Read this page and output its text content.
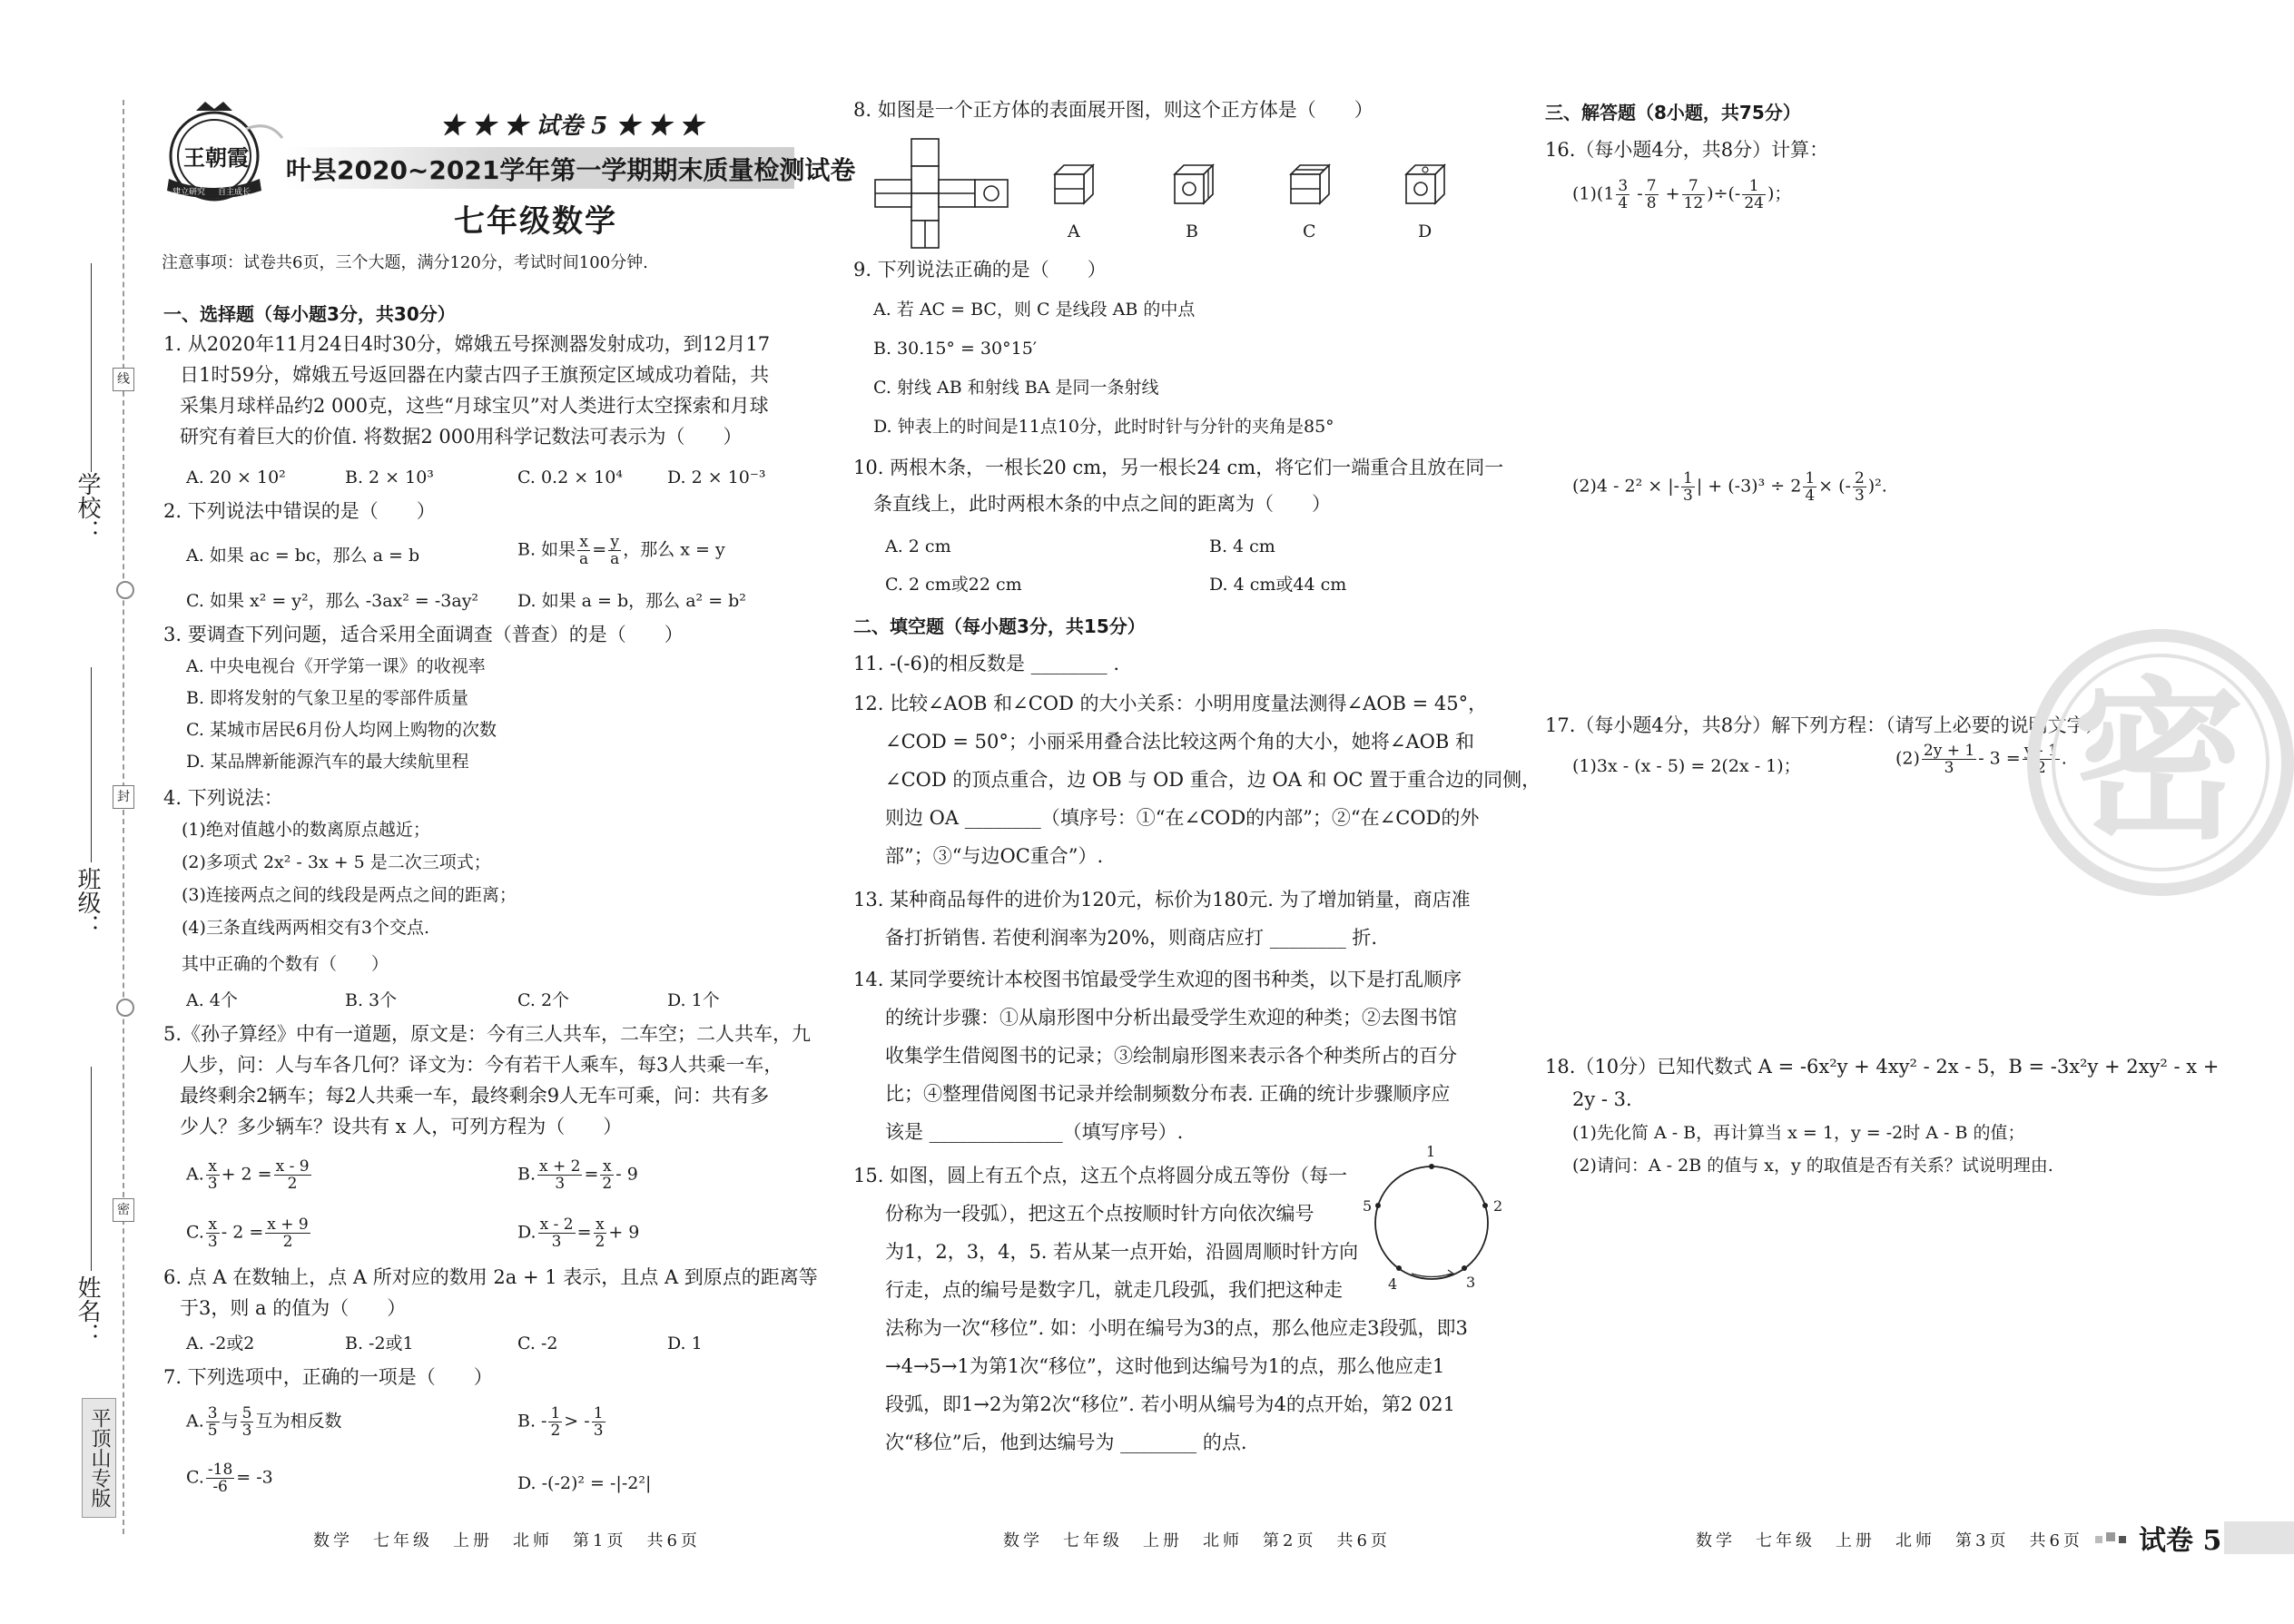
学校：
班级：
姓名：
线
封
密
平顶山专版
王朝霞
建立研究 自主成长
★ ★ ★ 试卷 5 ★ ★ ★
叶县2020~2021学年第一学期期末质量检测试卷
七年级数学
注意事项：试卷共6页，三个大题，满分120分，考试时间100分钟.
一、选择题（每小题3分，共30分）
1. 从2020年11月24日4时30分，嫦娥五号探测器发射成功，到12月17
日1时59分，嫦娥五号返回器在内蒙古四子王旗预定区域成功着陆，共
采集月球样品约2 000克，这些“月球宝贝”对人类进行太空探索和月球
研究有着巨大的价值. 将数据2 000用科学记数法可表示为（　　）
A. 20 × 10²	B. 2 × 10³	C. 0.2 × 10⁴	D. 2 × 10⁻³
2. 下列说法中错误的是（　　）
A. 如果 ac = bc，那么 a = b	B. 如果 $\frac{x}{a} = \frac{y}{a}$ ，那么 x = y
C. 如果 x² = y²，那么 -3ax² = -3ay² D. 如果 a = b，那么 a² = b²
3. 要调查下列问题，适合采用全面调查（普查）的是（　　）
A. 中央电视台《开学第一课》的收视率
B. 即将发射的气象卫星的零部件质量
C. 某城市居民6月份人均网上购物的次数
D. 某品牌新能源汽车的最大续航里程
4. 下列说法：
(1)绝对值越小的数离原点越近；
(2)多项式 2x² - 3x + 5 是二次三项式；
(3)连接两点之间的线段是两点之间的距离；
(4)三条直线两两相交有3个交点.
其中正确的个数有（　　）
A. 4个	B. 3个	C. 2个	D. 1个
5.《孙子算经》中有一道题，原文是：今有三人共车，二车空；二人共车，九
人步，问：人与车各几何？译文为：今有若干人乘车，每3人共乘一车，
最终剩余2辆车；每2人共乘一车，最终剩余9人无车可乘，问：共有多
少人？多少辆车？设共有 x 人，可列方程为（　　）
A. $\frac{x}{3} + 2 = \frac{x - 9}{2}$	B. $\frac{x + 2}{3} = \frac{x}{2} - 9$
C. $\frac{x}{3} - 2 = \frac{x + 9}{2}$	D. $\frac{x - 2}{3} = \frac{x}{2} + 9$
6. 点 A 在数轴上，点 A 所对应的数用 2a + 1 表示，且点 A 到原点的距离等
于3，则 a 的值为（　　）
A. -2或2	B. -2或1	C. -2	D. 1
7. 下列选项中，正确的一项是（　　）
A. $\frac{3}{5}$ 与 $\frac{5}{3}$ 互为相反数	B. - $\frac{1}{2}$ > - $\frac{1}{3}$
C. $\frac{-18}{-6} = -3$	D. -(-2)² = -|-2²|
数学　七年级　上册　北师　第1页　共6页
8. 如图是一个正方体的表面展开图，则这个正方体是（　　）
A	B	C	D
9. 下列说法正确的是（　　）
A. 若 AC = BC，则 C 是线段 AB 的中点
B. 30.15° = 30°15′
C. 射线 AB 和射线 BA 是同一条射线
D. 钟表上的时间是11点10分，此时时针与分针的夹角是85°
10. 两根木条，一根长20 cm，另一根长24 cm，将它们一端重合且放在同一
条直线上，此时两根木条的中点之间的距离为（　　）
A. 2 cm	B. 4 cm
C. 2 cm或22 cm	D. 4 cm或44 cm
二、填空题（每小题3分，共15分）
11. -(-6)的相反数是 ________ .
12. 比较∠AOB 和∠COD 的大小关系：小明用度量法测得∠AOB = 45°，
∠COD = 50°；小丽采用叠合法比较这两个角的大小，她将∠AOB 和
∠COD 的顶点重合，边 OB 与 OD 重合，边 OA 和 OC 置于重合边的同侧，
则边 OA ________（填序号：①“在∠COD的内部”；②“在∠COD的外
部”；③“与边OC重合”）.
13. 某种商品每件的进价为120元，标价为180元. 为了增加销量，商店准
备打折销售. 若使利润率为20%，则商店应打 ________ 折.
14. 某同学要统计本校图书馆最受学生欢迎的图书种类，以下是打乱顺序
的统计步骤：①从扇形图中分析出最受学生欢迎的种类；②去图书馆
收集学生借阅图书的记录；③绘制扇形图来表示各个种类所占的百分
比；④整理借阅图书记录并绘制频数分布表. 正确的统计步骤顺序应
该是 ______________（填写序号）.
15. 如图，圆上有五个点，这五个点将圆分成五等份（每一
份称为一段弧），把这五个点按顺时针方向依次编号
为1，2，3，4，5. 若从某一点开始，沿圆周顺时针方向
行走，点的编号是数字几，就走几段弧，我们把这种走
法称为一次“移位”. 如：小明在编号为3的点，那么他应走3段弧，即3
→4→5→1为第1次“移位”，这时他到达编号为1的点，那么他应走1
段弧，即1→2为第2次“移位”. 若小明从编号为4的点开始，第2 021
次“移位”后，他到达编号为 ________ 的点.
1
2
3
4
5
数学　七年级　上册　北师　第2页　共6页
三、解答题（8小题，共75分）
16.（每小题4分，共8分）计算：
$(1)(1 \frac{3}{4} - \frac{7}{8} + \frac{7}{12}$ )÷(- $\frac{1}{24}$ )；
(2)4 - 2² × |- $\frac{1}{3}$ | + $(-3)^3 \div 2 \frac{1}{4}$ × (- $\frac{2}{3} )^2$.
17.（每小题4分，共8分）解下列方程：（请写上必要的说明文字）
(1)3x - (x - 5) = 2(2x - 1)；	$(2) \frac{2y + 1}{3} - 3 = \frac{y - 1}{2}$ .
18.（10分）已知代数式 A = -6x²y + 4xy² - 2x - 5，B = -3x²y + 2xy² - x +
2y - 3.
(1)先化简 A - B，再计算当 x = 1，y = -2时 A - B 的值；
(2)请问：A - 2B 的值与 x，y 的取值是否有关系？试说明理由.
密
数学　七年级　上册　北师　第3页　共6页 试卷 5
